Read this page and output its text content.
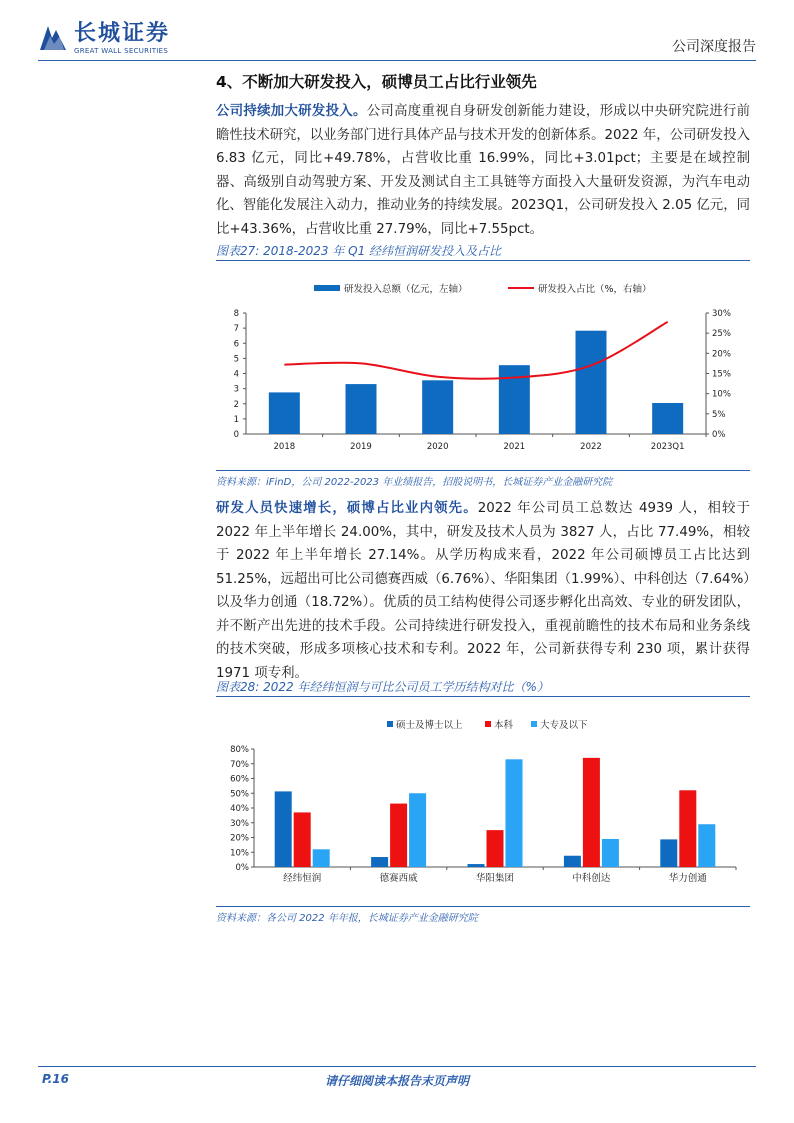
长城证券
GREAT WALL SECURITIES	公司深度报告
4、不断加大研发投入，硕博员工占比行业领先
公司持续加大研发投入。公司高度重视自身研发创新能力建设，形成以中央研究院进行前瞻性技术研究，以业务部门进行具体产品与技术开发的创新体系。2022 年，公司研发投入 6.83 亿元，同比+49.78%，占营收比重 16.99%，同比+3.01pct；主要是在域控制器、高级别自动驾驶方案、开发及测试自主工具链等方面投入大量研发资源，为汽车电动化、智能化发展注入动力，推动业务的持续发展。2023Q1，公司研发投入 2.05 亿元，同比+43.36%，占营收比重 27.79%，同比+7.55pct。
图表27: 2018-2023 年 Q1 经纬恒润研发投入及占比
研发投入总额（亿元，左轴）	研发投入占比（%，右轴）
0
1
2
3
4
5
6
7
8
0%
5%
10%
15%
20%
25%
30%
2018	2019	2020	2021	2022	2023Q1
资料来源：iFinD，公司 2022-2023 年业绩报告，招股说明书，长城证券产业金融研究院
研发人员快速增长，硕博占比业内领先。2022 年公司员工总数达 4939 人，相较于 2022 年上半年增长 24.00%，其中，研发及技术人员为 3827 人，占比 77.49%，相较于 2022 年上半年增长 27.14%。从学历构成来看，2022 年公司硕博员工占比达到 51.25%，远超出可比公司德赛西威（6.76%）、华阳集团（1.99%）、中科创达（7.64%）以及华力创通（18.72%）。优质的员工结构使得公司逐步孵化出高效、专业的研发团队，并不断产出先进的技术手段。公司持续进行研发投入，重视前瞻性的技术布局和业务条线的技术突破，形成多项核心技术和专利。2022 年，公司新获得专利 230 项，累计获得 1971 项专利。
图表28: 2022 年经纬恒润与可比公司员工学历结构对比（%）
硕士及博士以上	本科	大专及以下
0%
10%
20%
30%
40%
50%
60%
70%
80%
经纬恒润	德赛西威	华阳集团	中科创达	华力创通
资料来源：各公司 2022 年年报，长城证券产业金融研究院
请仔细阅读本报告末页声明
P.16
